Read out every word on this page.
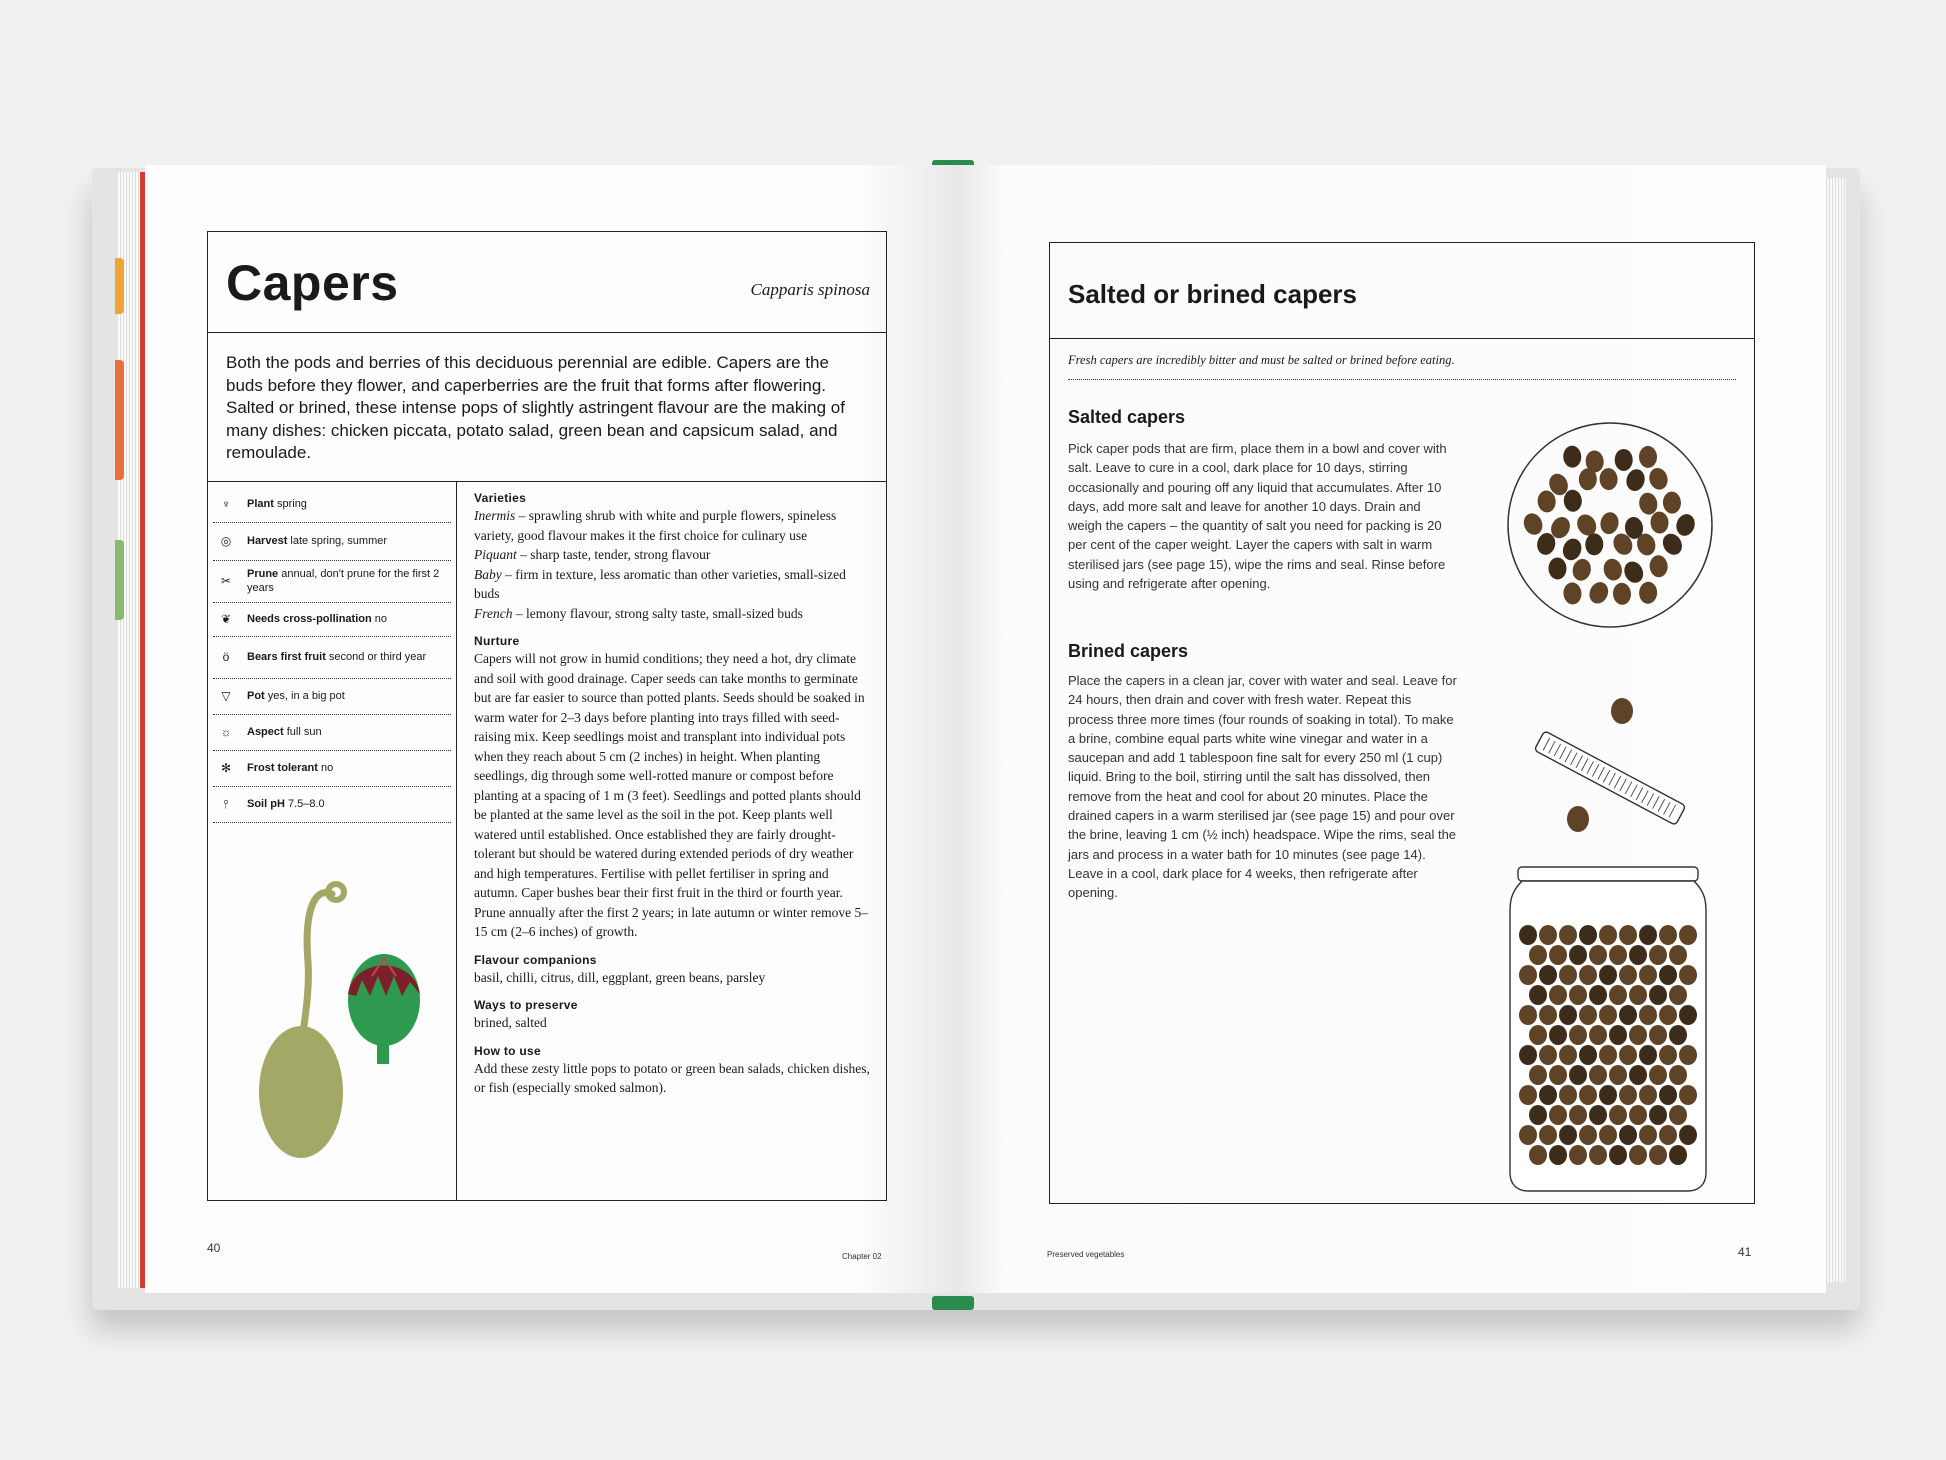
Capers	Capparis spinosa
Both the pods and berries of this deciduous perennial are edible. Capers are the buds before they flower, and caperberries are the fruit that forms after flowering. Salted or brined, these intense pops of slightly astringent flavour are the making of many dishes: chicken piccata, potato salad, green bean and capsicum salad, and remoulade.
♆	Plant spring
◎	Harvest late spring, summer
✂	Prune annual, don't prune for the first 2 years
❦	Needs cross-pollination no
ö	Bears first fruit second or third year
▽	Pot yes, in a big pot
☼	Aspect full sun
✻	Frost tolerant no
⫯	Soil pH 7.5–8.0
Varieties

Inermis – sprawling shrub with white and purple flowers, spineless variety, good flavour makes it the first choice for culinary use

Piquant – sharp taste, tender, strong flavour

Baby – firm in texture, less aromatic than other varieties, small-sized buds

French – lemony flavour, strong salty taste, small-sized buds

Nurture

Capers will not grow in humid conditions; they need a hot, dry climate and soil with good drainage. Caper seeds can take months to germinate but are far easier to source than potted plants. Seeds should be soaked in warm water for 2–3 days before planting into trays filled with seed-raising mix. Keep seedlings moist and transplant into individual pots when they reach about 5 cm (2 inches) in height. When planting seedlings, dig through some well-rotted manure or compost before planting at a spacing of 1 m (3 feet). Seedlings and potted plants should be planted at the same level as the soil in the pot. Keep plants well watered until established. Once established they are fairly drought-tolerant but should be watered during extended periods of dry weather and high temperatures. Fertilise with pellet fertiliser in spring and autumn. Caper bushes bear their first fruit in the third or fourth year. Prune annually after the first 2 years; in late autumn or winter remove 5–15 cm (2–6 inches) of growth.

Flavour companions

basil, chilli, citrus, dill, eggplant, green beans, parsley

Ways to preserve

brined, salted

How to use

Add these zesty little pops to potato or green bean salads, chicken dishes, or fish (especially smoked salmon).

40
Chapter 02
Salted or brined capers
Fresh capers are incredibly bitter and must be salted or brined before eating.
Salted capers
Pick caper pods that are firm, place them in a bowl and cover with salt. Leave to cure in a cool, dark place for 10 days, stirring occasionally and pouring off any liquid that accumulates. After 10 days, add more salt and leave for another 10 days. Drain and weigh the capers – the quantity of salt you need for packing is 20 per cent of the caper weight. Layer the capers with salt in warm sterilised jars (see page 15), wipe the rims and seal. Rinse before using and refrigerate after opening.
Brined capers
Place the capers in a clean jar, cover with water and seal. Leave for 24 hours, then drain and cover with fresh water. Repeat this process three more times (four rounds of soaking in total). To make a brine, combine equal parts white wine vinegar and water in a saucepan and add 1 tablespoon fine salt for every 250 ml (1 cup) liquid. Bring to the boil, stirring until the salt has dissolved, then remove from the heat and cool for about 20 minutes. Place the drained capers in a warm sterilised jar (see page 15) and pour over the brine, leaving 1 cm (½ inch) headspace. Wipe the rims, seal the jars and process in a water bath for 10 minutes (see page 14). Leave in a cool, dark place for 4 weeks, then refrigerate after opening.
Preserved vegetables	41
